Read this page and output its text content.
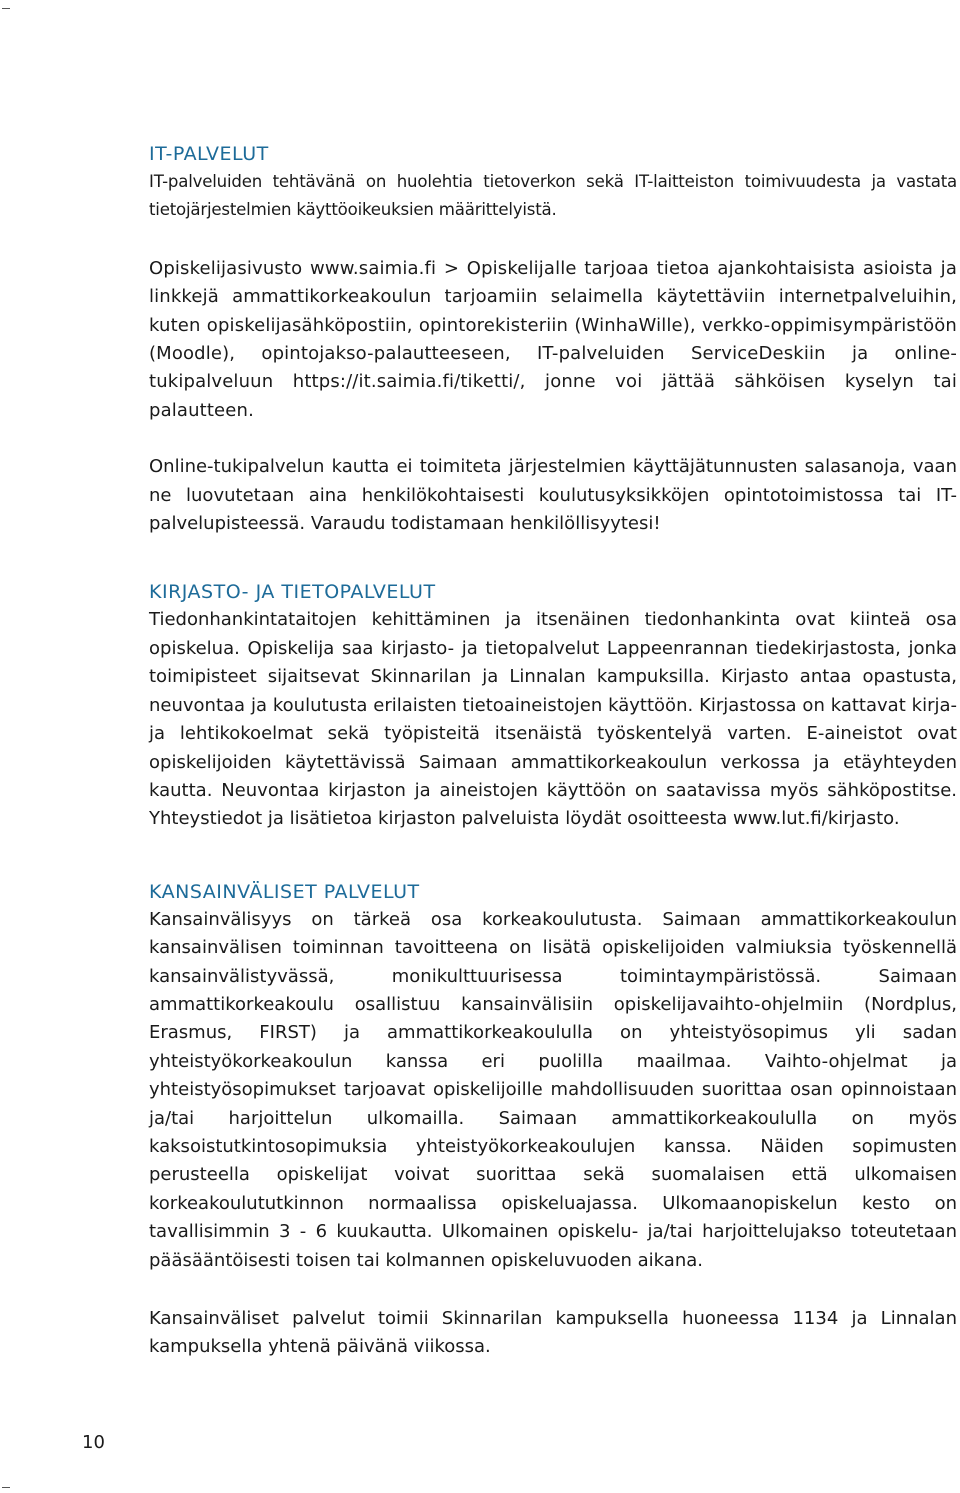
IT-PALVELUT

IT-palveluiden tehtävänä on huolehtia tietoverkon sekä IT-laitteiston toimivuudesta ja vastata tietojärjestelmien käyttöoikeuksien määrittelyistä.

Opiskelijasivusto www.saimia.fi > Opiskelijalle tarjoaa tietoa ajankohtaisista asioista ja linkkejä ammattikorkeakoulun tarjoamiin selaimella käytettäviin internetpalveluihin, kuten opiskelijasähköpostiin, opintorekisteriin (WinhaWille), verkko-oppimisympäristöön (Moodle), opintojakso-palautteeseen, IT-palveluiden ServiceDeskiin ja online-tukipalveluun https://it.saimia.fi/tiketti/, jonne voi jättää sähköisen kyselyn tai palautteen.

Online-tukipalvelun kautta ei toimiteta järjestelmien käyttäjätunnusten salasanoja, vaan ne luovutetaan aina henkilökohtaisesti koulutusyksikköjen opintotoimistossa tai IT-palvelupisteessä. Varaudu todistamaan henkilöllisyytesi!

KIRJASTO- JA TIETOPALVELUT

Tiedonhankintataitojen kehittäminen ja itsenäinen tiedonhankinta ovat kiinteä osa opiskelua. Opiskelija saa kirjasto- ja tietopalvelut Lappeenrannan tiedekirjastosta, jonka toimipisteet sijaitsevat Skinnarilan ja Linnalan kampuksilla. Kirjasto antaa opastusta, neuvontaa ja koulutusta erilaisten tietoaineistojen käyttöön. Kirjastossa on kattavat kirja- ja lehtikokoelmat sekä työpisteitä itsenäistä työskentelyä varten. E-aineistot ovat opiskelijoiden käytettävissä Saimaan ammattikorkeakoulun verkossa ja etäyhteyden kautta. Neuvontaa kirjaston ja aineistojen käyttöön on saatavissa myös sähköpostitse. Yhteystiedot ja lisätietoa kirjaston palveluista löydät osoitteesta www.lut.fi/kirjasto.

KANSAINVÄLISET PALVELUT

Kansainvälisyys on tärkeä osa korkeakoulutusta. Saimaan ammattikorkeakoulun kansainvälisen toiminnan tavoitteena on lisätä opiskelijoiden valmiuksia työskennellä kansainvälistyvässä, monikulttuurisessa toimintaympäristössä. Saimaan ammattikorkeakoulu osallistuu kansainvälisiin opiskelijavaihto-ohjelmiin (Nordplus, Erasmus, FIRST) ja ammattikorkeakoululla on yhteistyösopimus yli sadan yhteistyökorkeakoulun kanssa eri puolilla maailmaa. Vaihto-ohjelmat ja yhteistyösopimukset tarjoavat opiskelijoille mahdollisuuden suorittaa osan opinnoistaan ja/tai harjoittelun ulkomailla. Saimaan ammattikorkeakoululla on myös kaksoistutkintosopimuksia yhteistyökorkeakoulujen kanssa. Näiden sopimusten perusteella opiskelijat voivat suorittaa sekä suomalaisen että ulkomaisen korkeakoulututkinnon normaalissa opiskeluajassa. Ulkomaanopiskelun kesto on tavallisimmin 3 - 6 kuukautta. Ulkomainen opiskelu- ja/tai harjoittelujakso toteutetaan pääsääntöisesti toisen tai kolmannen opiskeluvuoden aikana.

Kansainväliset palvelut toimii Skinnarilan kampuksella huoneessa 1134 ja Linnalan kampuksella yhtenä päivänä viikossa.

10
